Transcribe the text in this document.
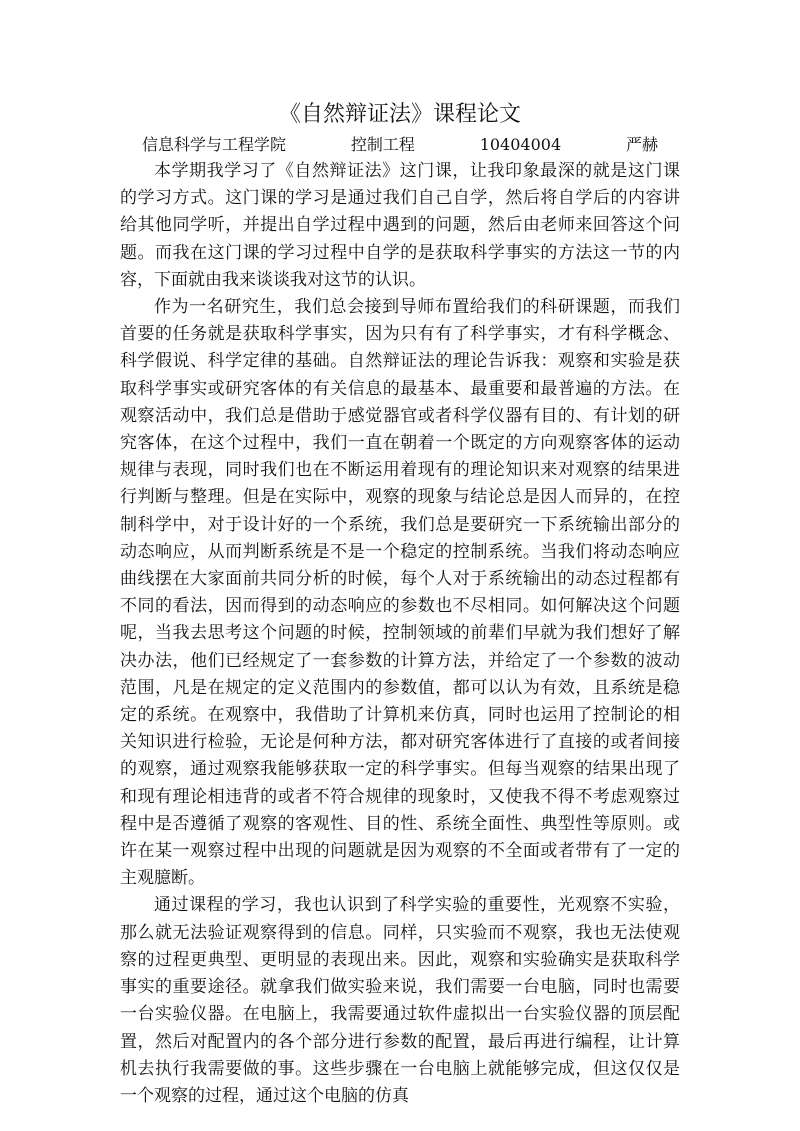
《自然辩证法》课程论文
信息科学与工程学院	控制工程	10404004	严赫

本学期我学习了《自然辩证法》这门课，让我印象最深的就是这门课的学习方式。这门课的学习是通过我们自己自学，然后将自学后的内容讲给其他同学听，并提出自学过程中遇到的问题，然后由老师来回答这个问题。而我在这门课的学习过程中自学的是获取科学事实的方法这一节的内容，下面就由我来谈谈我对这节的认识。

作为一名研究生，我们总会接到导师布置给我们的科研课题，而我们首要的任务就是获取科学事实，因为只有有了科学事实，才有科学概念、科学假说、科学定律的基础。自然辩证法的理论告诉我：观察和实验是获取科学事实或研究客体的有关信息的最基本、最重要和最普遍的方法。在观察活动中，我们总是借助于感觉器官或者科学仪器有目的、有计划的研究客体，在这个过程中，我们一直在朝着一个既定的方向观察客体的运动规律与表现，同时我们也在不断运用着现有的理论知识来对观察的结果进行判断与整理。但是在实际中，观察的现象与结论总是因人而异的，在控制科学中，对于设计好的一个系统，我们总是要研究一下系统输出部分的动态响应，从而判断系统是不是一个稳定的控制系统。当我们将动态响应曲线摆在大家面前共同分析的时候，每个人对于系统输出的动态过程都有不同的看法，因而得到的动态响应的参数也不尽相同。如何解决这个问题呢，当我去思考这个问题的时候，控制领域的前辈们早就为我们想好了解决办法，他们已经规定了一套参数的计算方法，并给定了一个参数的波动范围，凡是在规定的定义范围内的参数值，都可以认为有效，且系统是稳定的系统。在观察中，我借助了计算机来仿真，同时也运用了控制论的相关知识进行检验，无论是何种方法，都对研究客体进行了直接的或者间接的观察，通过观察我能够获取一定的科学事实。但每当观察的结果出现了和现有理论相违背的或者不符合规律的现象时，又使我不得不考虑观察过程中是否遵循了观察的客观性、目的性、系统全面性、典型性等原则。或许在某一观察过程中出现的问题就是因为观察的不全面或者带有了一定的主观臆断。

通过课程的学习，我也认识到了科学实验的重要性，光观察不实验，那么就无法验证观察得到的信息。同样，只实验而不观察，我也无法使观察的过程更典型、更明显的表现出来。因此，观察和实验确实是获取科学事实的重要途径。就拿我们做实验来说，我们需要一台电脑，同时也需要一台实验仪器。在电脑上，我需要通过软件虚拟出一台实验仪器的顶层配置，然后对配置内的各个部分进行参数的配置，最后再进行编程，让计算机去执行我需要做的事。这些步骤在一台电脑上就能够完成，但这仅仅是一个观察的过程，通过这个电脑的仿真
